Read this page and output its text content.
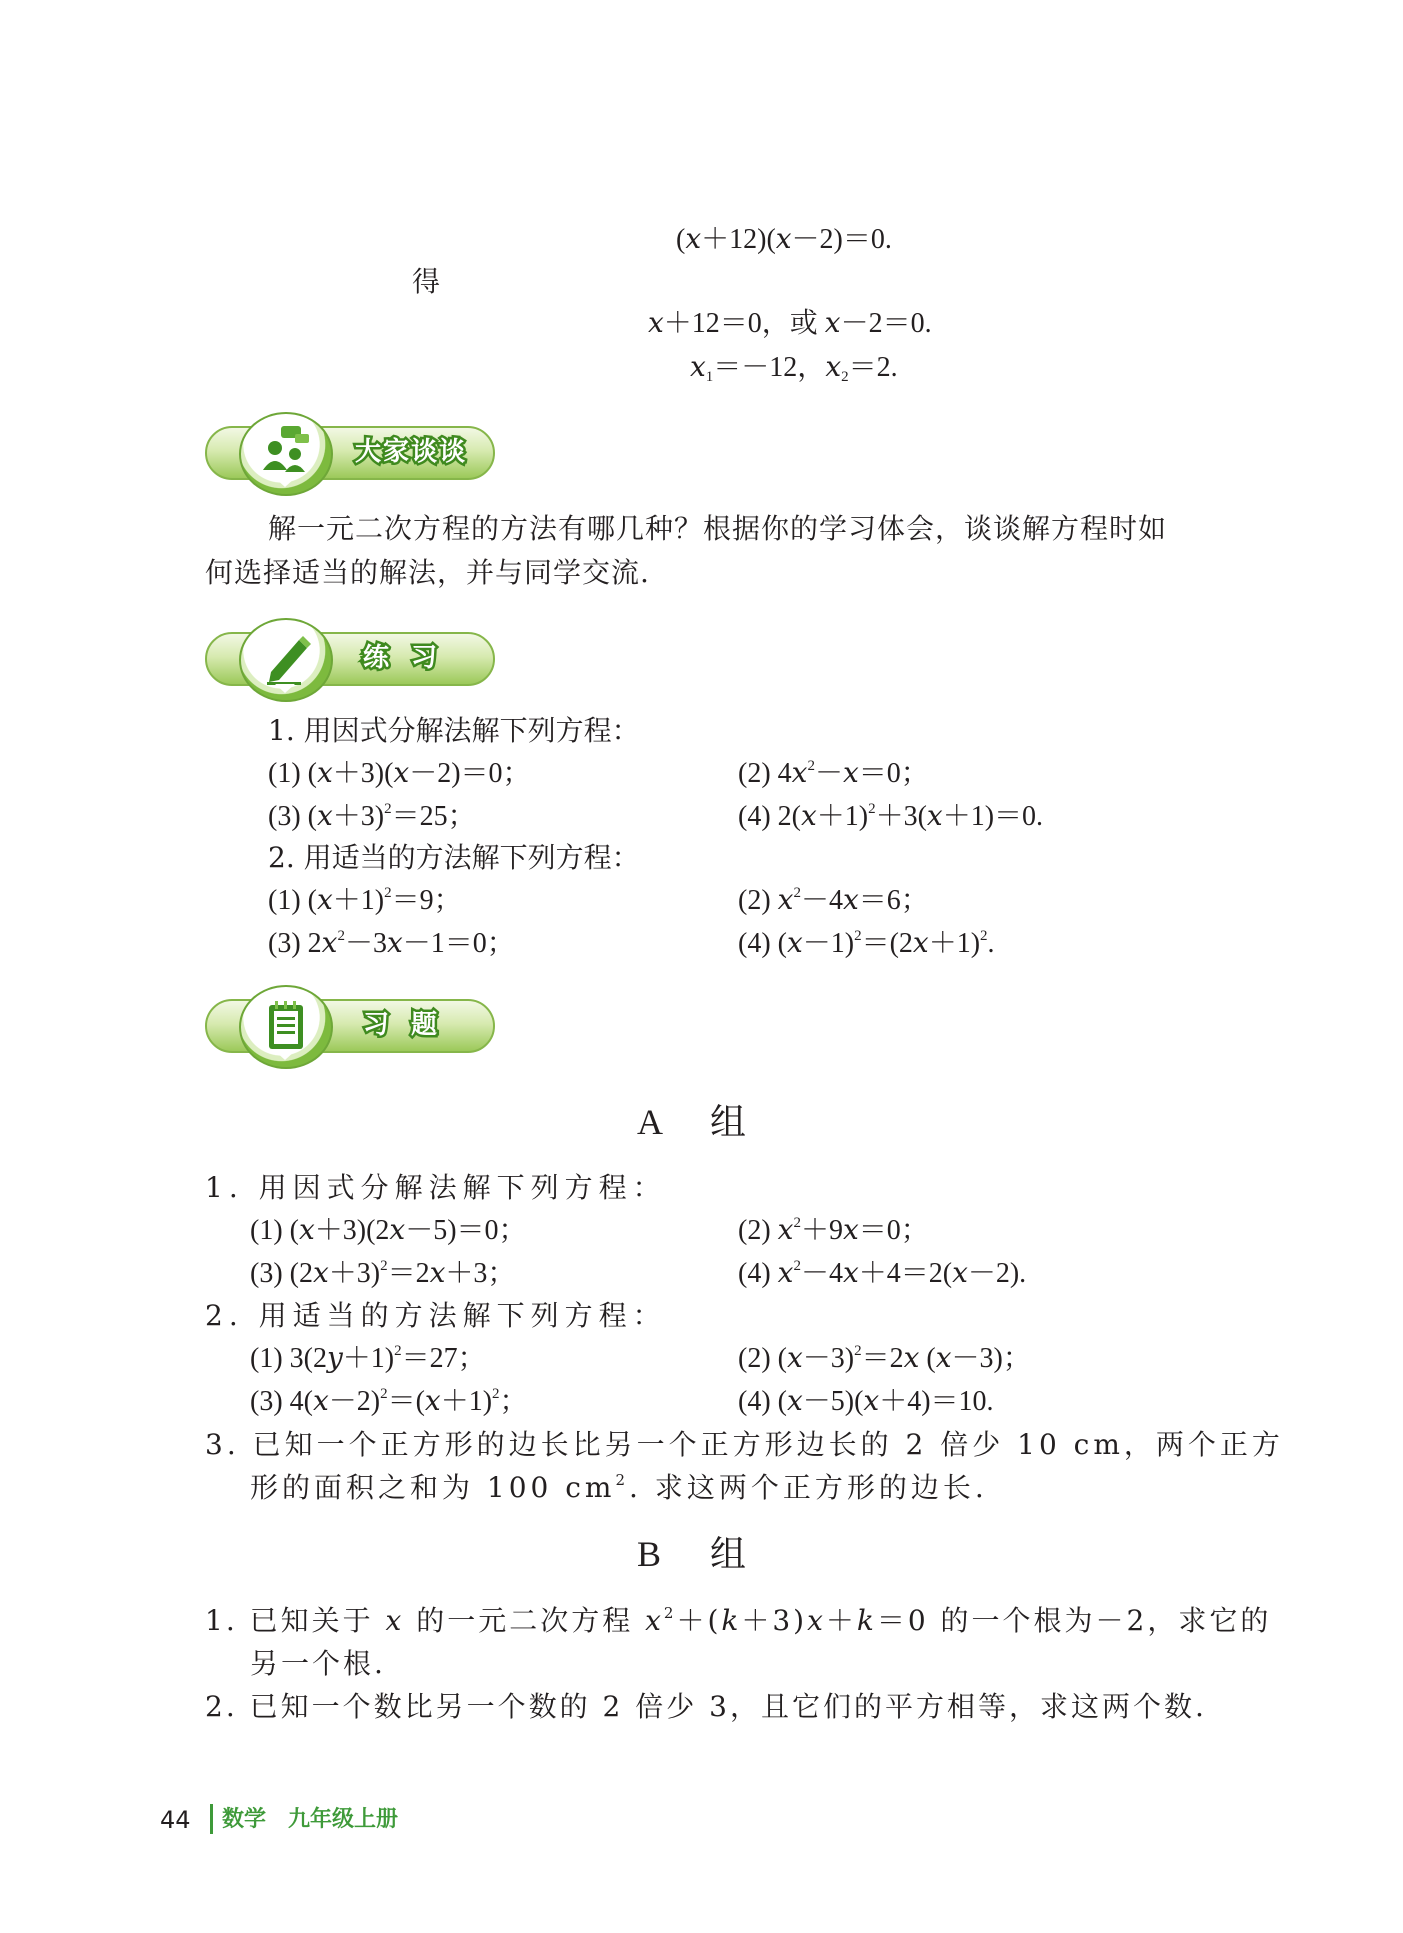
(𝑥＋12)(𝑥－2)＝0.
得
𝑥＋12＝0，或 𝑥－2＝0.
𝑥$_1$＝－12，𝑥$_2$＝2.
大家谈谈
解一元二次方程的方法有哪几种？根据你的学习体会，谈谈解方程时如
何选择适当的解法，并与同学交流.
练习
1. 用因式分解法解下列方程：
(1) (𝑥＋3)(𝑥－2)＝0；	(2) 4𝑥$^2$－𝑥＝0；
(3) (𝑥＋3)$^2$＝25；	(4) 2(𝑥＋1)$^2$＋3(𝑥＋1)＝0.
2. 用适当的方法解下列方程：
(1) (𝑥＋1)$^2$＝9；	(2) 𝑥$^2$－4𝑥＝6；
(3) 2𝑥$^2$－3𝑥－1＝0；	(4) (𝑥－1)$^2$＝(2𝑥＋1)$^2$.
习题
A 组
1. 用因式分解法解下列方程：
(1) (𝑥＋3)(2𝑥－5)＝0；	(2) 𝑥$^2$＋9𝑥＝0；
(3) (2𝑥＋3)$^2$＝2𝑥＋3；	(4) 𝑥$^2$－4𝑥＋4＝2(𝑥－2).
2. 用适当的方法解下列方程：
(1) 3(2𝑦＋1)$^2$＝27；	(2) (𝑥－3)$^2$＝2𝑥 (𝑥－3)；
(3) 4(𝑥－2)$^2$＝(𝑥＋1)$^2$；	(4) (𝑥－5)(𝑥＋4)＝10.
3. 已知一个正方形的边长比另一个正方形边长的 2 倍少 10 cm，两个正方
形的面积之和为 100 $cm^2$. 求这两个正方形的边长.
B 组
1. 已知关于 𝑥 的一元二次方程 𝑥$^2$＋(𝑘＋3)𝑥＋𝑘＝0 的一个根为－2，求它的
另一个根.
2. 已知一个数比另一个数的 2 倍少 3，且它们的平方相等，求这两个数.
44 数学　九年级上册
